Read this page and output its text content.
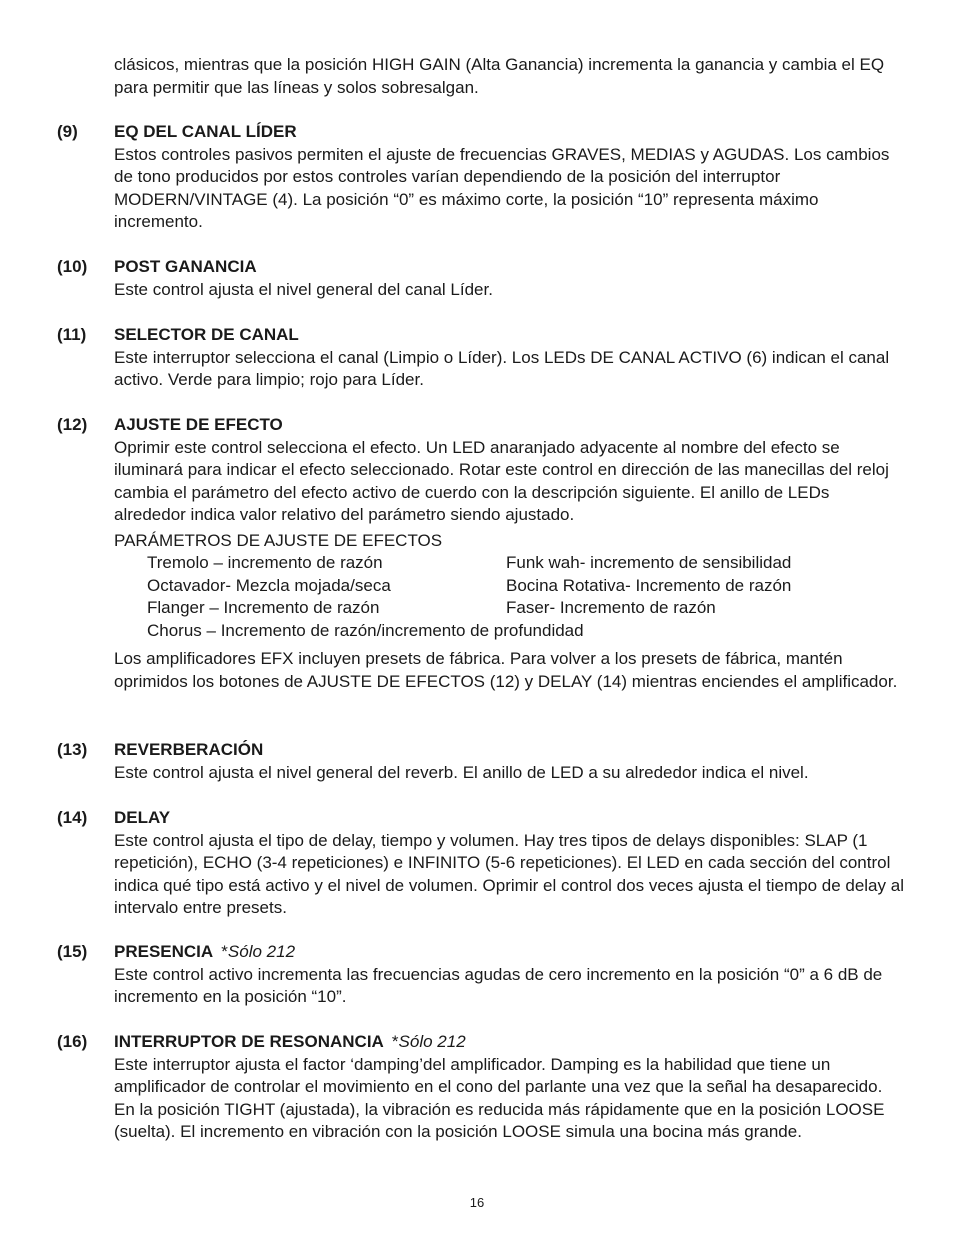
clásicos, mientras que la posición HIGH GAIN (Alta Ganancia) incrementa la ganancia y cambia el EQ para permitir que las líneas y solos sobresalgan.

(9) EQ DEL CANAL LÍDER

Estos controles pasivos permiten el ajuste de frecuencias GRAVES, MEDIAS y AGUDAS. Los cambios de tono producidos por estos controles varían dependiendo de la posición del interruptor MODERN/VINTAGE (4). La posición “0” es máximo corte, la posición “10” representa máximo incremento.

(10) POST GANANCIA

Este control ajusta el nivel general del canal Líder.

(11) SELECTOR DE CANAL

Este interruptor selecciona el canal (Limpio o Líder). Los LEDs DE CANAL ACTIVO (6) indican el canal activo. Verde para limpio; rojo para Líder.

(12) AJUSTE DE EFECTO

Oprimir este control selecciona el efecto. Un LED anaranjado adyacente al nombre del efecto se iluminará para indicar el efecto seleccionado. Rotar este control en dirección de las manecillas del reloj cambia el parámetro del efecto activo de cuerdo con la descripción siguiente. El anillo de LEDs alrededor indica valor relativo del parámetro siendo ajustado.

PARÁMETROS DE AJUSTE DE EFECTOS
Tremolo – incremento de razón	Funk wah- incremento de sensibilidad
Octavador- Mezcla mojada/seca	Bocina Rotativa- Incremento de razón
Flanger – Incremento de razón	Faser- Incremento de razón
Chorus – Incremento de razón/incremento de profundidad

Los amplificadores EFX incluyen presets de fábrica. Para volver a los presets de fábrica, mantén oprimidos los botones de AJUSTE DE EFECTOS (12) y DELAY (14) mientras enciendes el amplificador.

(13) REVERBERACIÓN

Este control ajusta el nivel general del reverb. El anillo de LED a su alrededor indica el nivel.

(14) DELAY

Este control ajusta el tipo de delay, tiempo y volumen. Hay tres tipos de delays disponibles: SLAP (1 repetición), ECHO (3-4 repeticiones) e INFINITO (5-6 repeticiones). El LED en cada sección del control indica qué tipo está activo y el nivel de volumen. Oprimir el control dos veces ajusta el tiempo de delay al intervalo entre presets.

(15) PRESENCIA *Sólo 212

Este control activo incrementa las frecuencias agudas de cero incremento en la posición “0” a 6 dB de incremento en la posición “10”.

(16) INTERRUPTOR DE RESONANCIA *Sólo 212

Este interruptor ajusta el factor ‘damping’del amplificador. Damping es la habilidad que tiene un amplificador de controlar el movimiento en el cono del parlante una vez que la señal ha desaparecido. En la posición TIGHT (ajustada), la vibración es reducida más rápidamente que en la posición LOOSE (suelta). El incremento en vibración con la posición LOOSE simula una bocina más grande.

16
